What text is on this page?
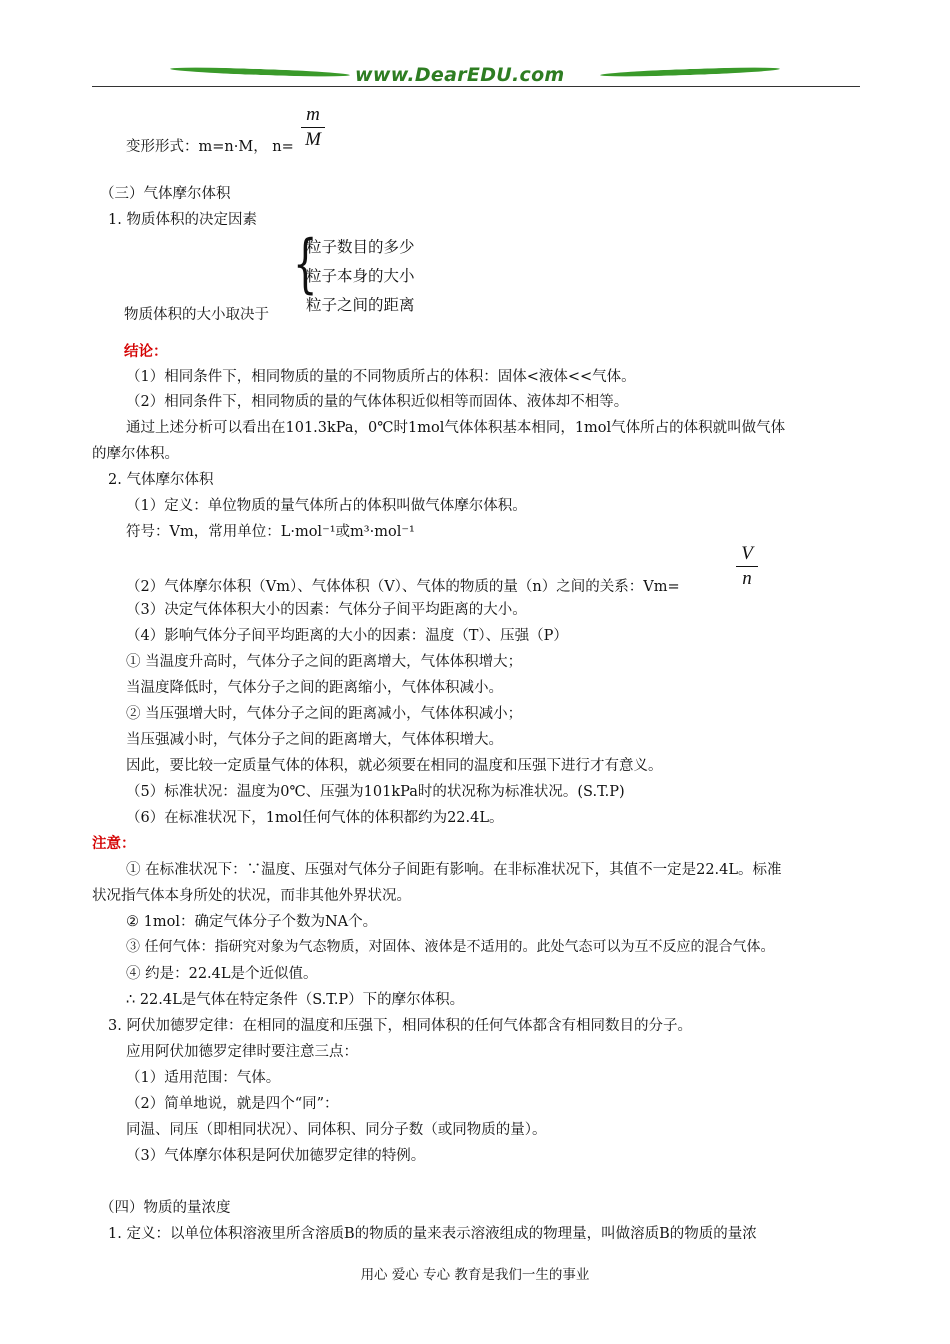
www.DearEDU.com
变形形式：m=n·M， n=
m
M
（三）气体摩尔体积
1. 物质体积的决定因素
物质体积的大小取决于
{
粒子数目的多少
粒子本身的大小
粒子之间的距离
结论：
（1）相同条件下，相同物质的量的不同物质所占的体积：固体<液体<<气体。
（2）相同条件下，相同物质的量的气体体积近似相等而固体、液体却不相等。
通过上述分析可以看出在101.3kPa，0℃时1mol气体体积基本相同，1mol气体所占的体积就叫做气体
的摩尔体积。
2. 气体摩尔体积
（1）定义：单位物质的量气体所占的体积叫做气体摩尔体积。
符号：Vm，常用单位：L·mol⁻¹或m³·mol⁻¹
（2）气体摩尔体积（Vm）、气体体积（V）、气体的物质的量（n）之间的关系：Vm=
V
n
（3）决定气体体积大小的因素：气体分子间平均距离的大小。
（4）影响气体分子间平均距离的大小的因素：温度（T）、压强（P）
① 当温度升高时，气体分子之间的距离增大，气体体积增大；
当温度降低时，气体分子之间的距离缩小，气体体积减小。
② 当压强增大时，气体分子之间的距离减小，气体体积减小；
当压强减小时，气体分子之间的距离增大，气体体积增大。
因此，要比较一定质量气体的体积，就必须要在相同的温度和压强下进行才有意义。
（5）标准状况：温度为0℃、压强为101kPa时的状况称为标准状况。(S.T.P)
（6）在标准状况下，1mol任何气体的体积都约为22.4L。
注意：
① 在标准状况下：∵温度、压强对气体分子间距有影响。在非标准状况下，其值不一定是22.4L。标准
状况指气体本身所处的状况，而非其他外界状况。
② 1mol：确定气体分子个数为NA个。
③ 任何气体：指研究对象为气态物质，对固体、液体是不适用的。此处气态可以为互不反应的混合气体。
④ 约是：22.4L是个近似值。
∴ 22.4L是气体在特定条件（S.T.P）下的摩尔体积。
3. 阿伏加德罗定律：在相同的温度和压强下，相同体积的任何气体都含有相同数目的分子。
应用阿伏加德罗定律时要注意三点：
（1）适用范围：气体。
（2）简单地说，就是四个“同”：
同温、同压（即相同状况）、同体积、同分子数（或同物质的量）。
（3）气体摩尔体积是阿伏加德罗定律的特例。
（四）物质的量浓度
1. 定义：以单位体积溶液里所含溶质B的物质的量来表示溶液组成的物理量，叫做溶质B的物质的量浓
用心 爱心 专心 教育是我们一生的事业
